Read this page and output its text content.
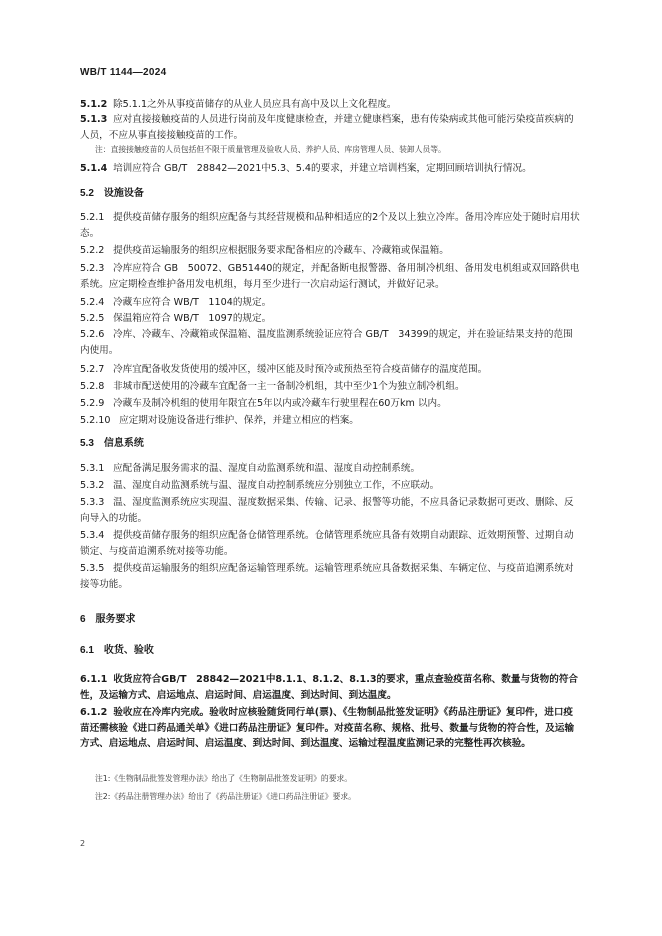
WB/T 1144—2024
5.1.2 除5.1.1之外从事疫苗储存的从业人员应具有高中及以上文化程度。
5.1.3 应对直接接触疫苗的人员进行岗前及年度健康检查，并建立健康档案，患有传染病或其他可能污染疫苗疾病的人员，不应从事直接接触疫苗的工作。
注：直接接触疫苗的人员包括但不限于质量管理及验收人员、养护人员、库房管理人员、装卸人员等。
5.1.4 培训应符合 GB/T　28842—2021中5.3、5.4的要求，并建立培训档案，定期回顾培训执行情况。
5.2　设施设备
5.2.1 提供疫苗储存服务的组织应配备与其经营规模和品种相适应的2个及以上独立冷库。备用冷库应处于随时启用状态。
5.2.2 提供疫苗运输服务的组织应根据服务要求配备相应的冷藏车、冷藏箱或保温箱。
5.2.3 冷库应符合 GB　50072、GB51440的规定，并配备断电报警器、备用制冷机组、备用发电机组或双回路供电系统。应定期检查维护备用发电机组，每月至少进行一次启动运行测试，并做好记录。
5.2.4 冷藏车应符合 WB/T　1104的规定。
5.2.5 保温箱应符合 WB/T　1097的规定。
5.2.6 冷库、冷藏车、冷藏箱或保温箱、温度监测系统验证应符合 GB/T　34399的规定，并在验证结果支持的范围内使用。
5.2.7 冷库宜配备收发货使用的缓冲区，缓冲区能及时预冷或预热至符合疫苗储存的温度范围。
5.2.8 非城市配送使用的冷藏车宜配备一主一备制冷机组，其中至少1个为独立制冷机组。
5.2.9 冷藏车及制冷机组的使用年限宜在5年以内或冷藏车行驶里程在60万km 以内。
5.2.10 应定期对设施设备进行维护、保养，并建立相应的档案。
5.3　信息系统
5.3.1 应配备满足服务需求的温、湿度自动监测系统和温、湿度自动控制系统。
5.3.2 温、湿度自动监测系统与温、湿度自动控制系统应分别独立工作，不应联动。
5.3.3 温、湿度监测系统应实现温、湿度数据采集、传输、记录、报警等功能，不应具备记录数据可更改、删除、反向导入的功能。
5.3.4 提供疫苗储存服务的组织应配备仓储管理系统。仓储管理系统应具备有效期自动跟踪、近效期预警、过期自动锁定、与疫苗追溯系统对接等功能。
5.3.5 提供疫苗运输服务的组织应配备运输管理系统。运输管理系统应具备数据采集、车辆定位、与疫苗追溯系统对接等功能。
6　服务要求
6.1　收货、验收
6.1.1 收货应符合GB/T　28842—2021中8.1.1、8.1.2、8.1.3的要求，重点查验疫苗名称、数量与货物的符合性，及运输方式、启运地点、启运时间、启运温度、到达时间、到达温度。
6.1.2 验收应在冷库内完成。验收时应核验随货同行单(票)、《生物制品批签发证明》《药品注册证》复印件，进口疫苗还需核验《进口药品通关单》《进口药品注册证》复印件。对疫苗名称、规格、批号、数量与货物的符合性，及运输方式、启运地点、启运时间、启运温度、到达时间、到达温度、运输过程温度监测记录的完整性再次核验。
注1:《生物制品批签发管理办法》给出了《生物制品批签发证明》的要求。
注2:《药品注册管理办法》给出了《药品注册证》《进口药品注册证》要求。
2
